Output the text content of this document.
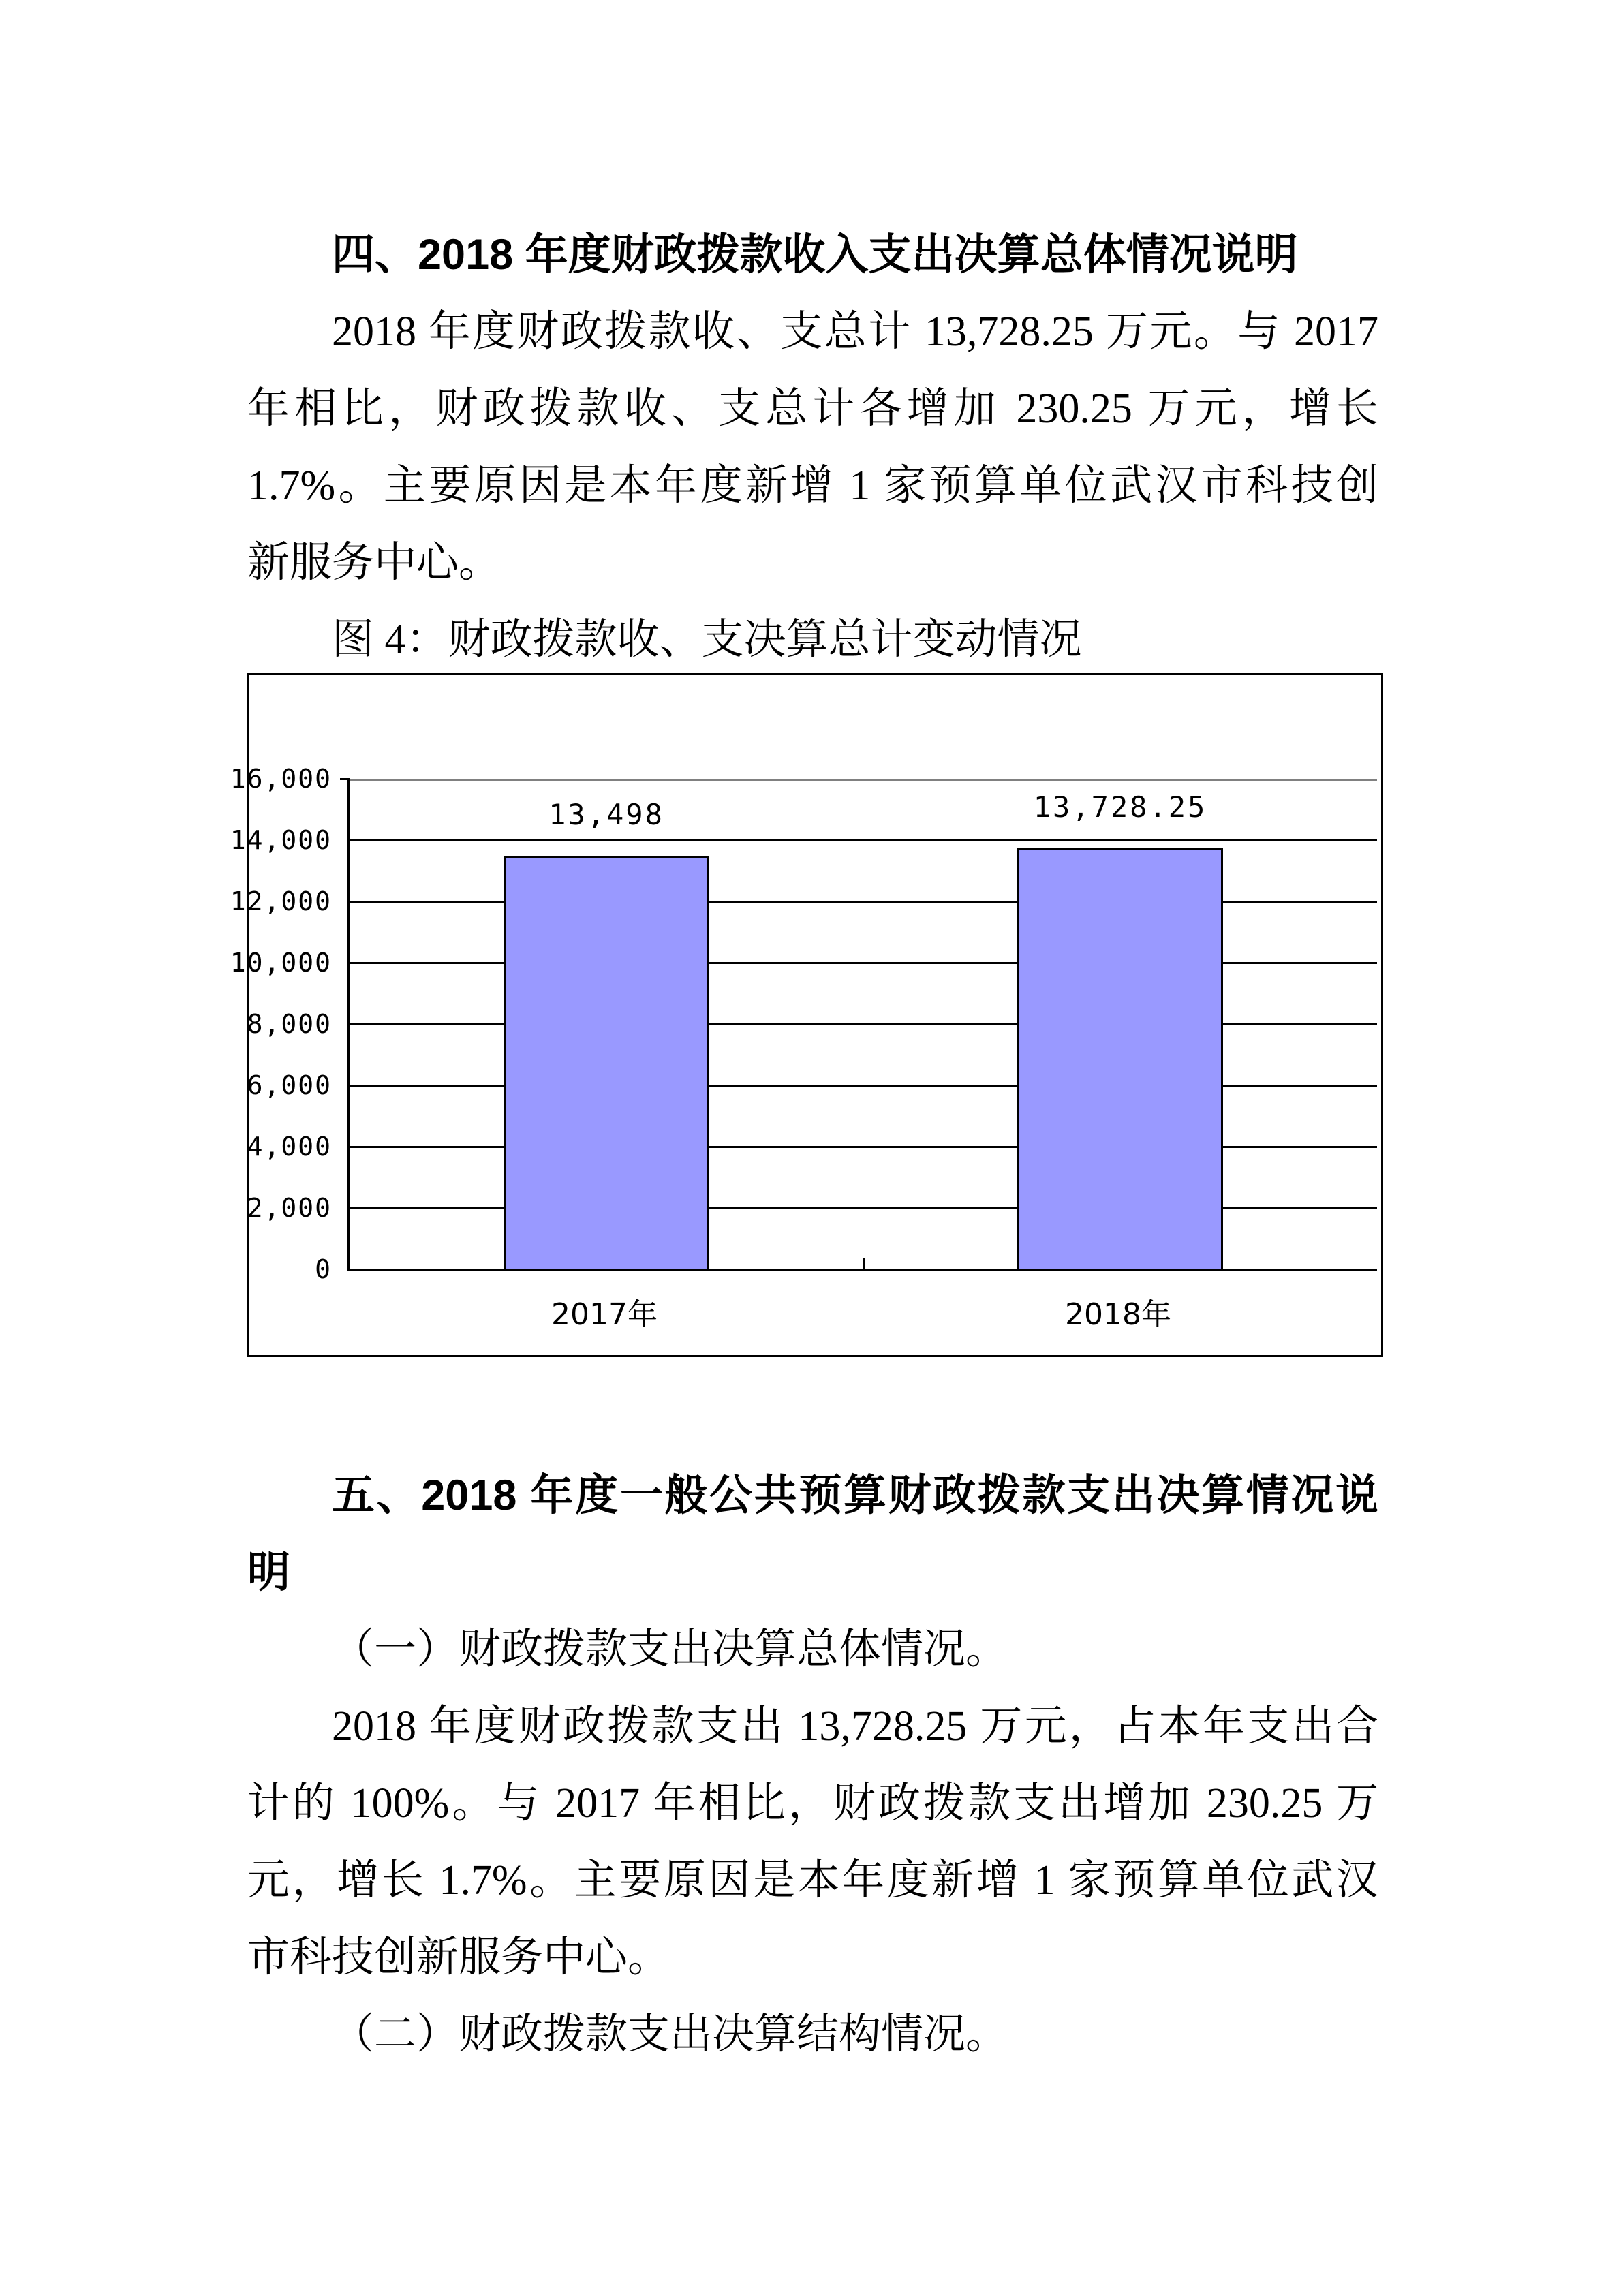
四、2018 年度财政拨款收入支出决算总体情况说明
2018 年度财政拨款收、支总计 13,728.25 万元。与 2017
年相比，财政拨款收、支总计各增加 230.25 万元，增长
1.7%。主要原因是本年度新增 1 家预算单位武汉市科技创
新服务中心。
图 4：财政拨款收、支决算总计变动情况
0
2,000
4,000
6,000
8,000
10,000
12,000
14,000
16,000
13,498	13,728.25
2017年	2018年
五、2018 年度一般公共预算财政拨款支出决算情况说
明
（一）财政拨款支出决算总体情况。
2018 年度财政拨款支出 13,728.25 万元，占本年支出合
计的 100%。与 2017 年相比，财政拨款支出增加 230.25 万
元，增长 1.7%。主要原因是本年度新增 1 家预算单位武汉
市科技创新服务中心。
（二）财政拨款支出决算结构情况。
